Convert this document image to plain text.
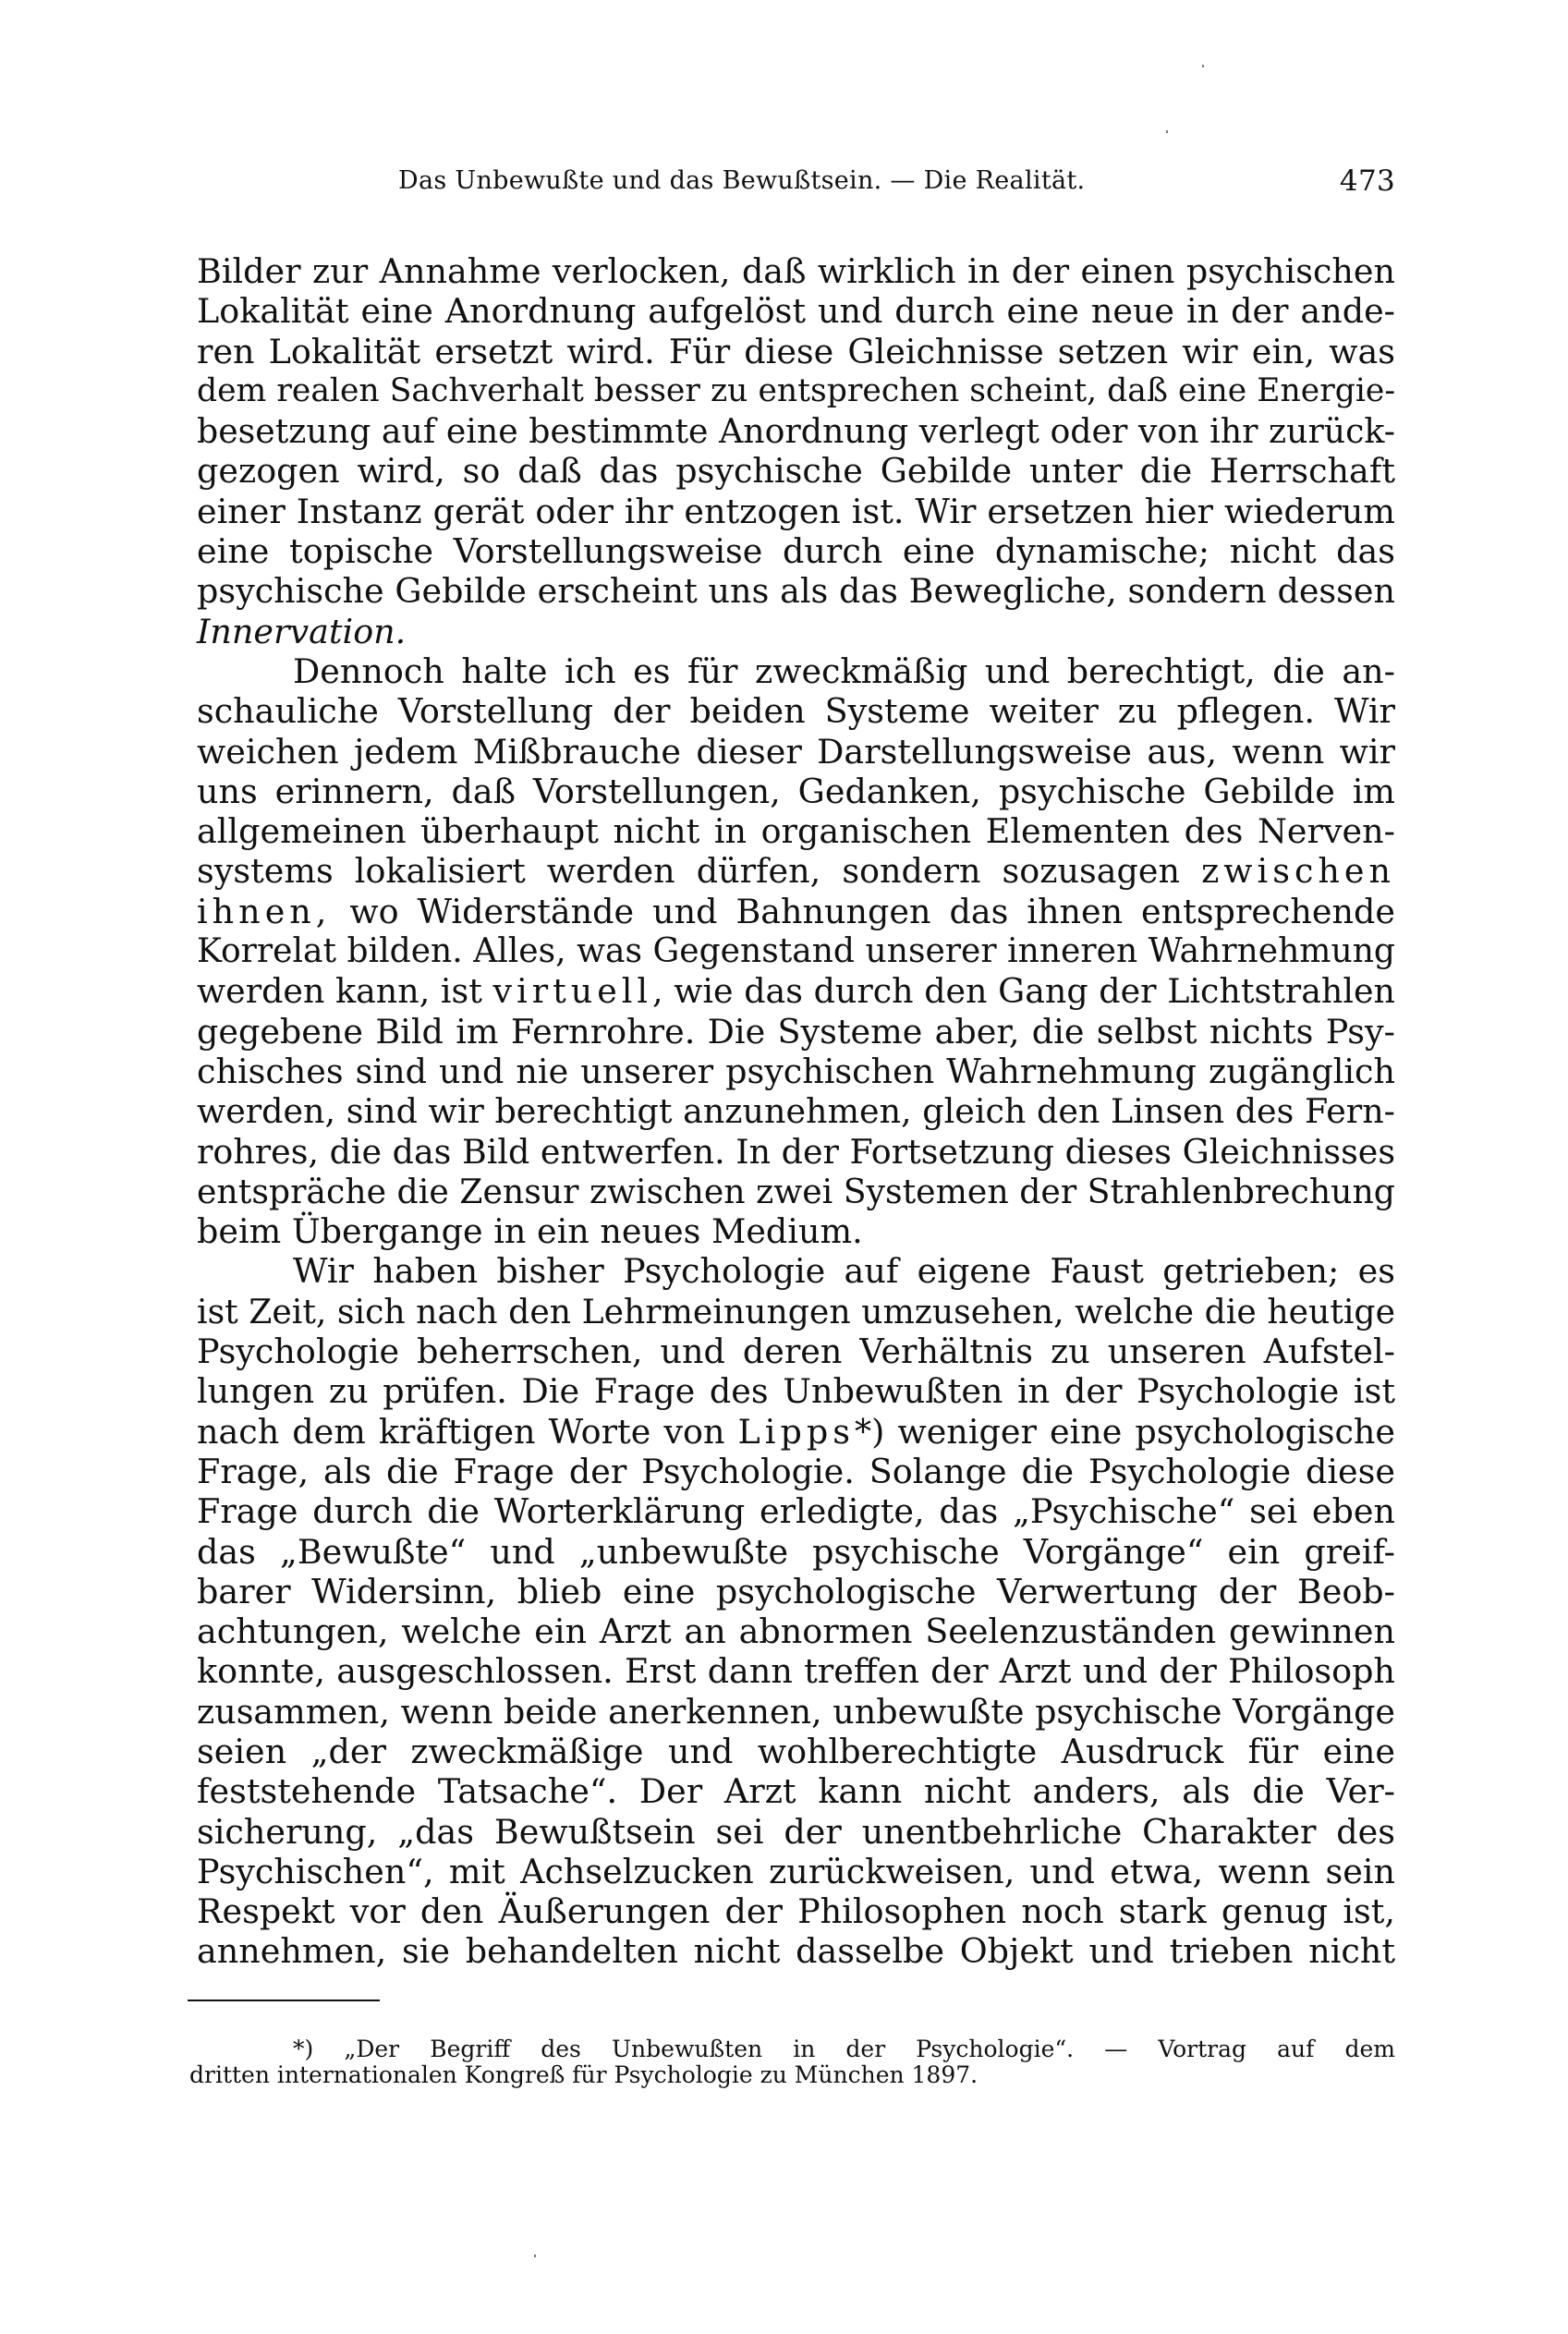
Das Unbewußte und das Bewußtsein. — Die Realität.	473
Bilder zur Annahme verlocken, daß wirklich in der einen psychischen
Lokalität eine Anordnung aufgelöst und durch eine neue in der ande-
ren Lokalität ersetzt wird. Für diese Gleichnisse setzen wir ein, was
dem realen Sachverhalt besser zu entsprechen scheint, daß eine Energie-
besetzung auf eine bestimmte Anordnung verlegt oder von ihr zurück-
gezogen wird, so daß das psychische Gebilde unter die Herrschaft
einer Instanz gerät oder ihr entzogen ist. Wir ersetzen hier wiederum
eine topische Vorstellungsweise durch eine dynamische; nicht das
psychische Gebilde erscheint uns als das Bewegliche, sondern dessen
Innervation.
Dennoch halte ich es für zweckmäßig und berechtigt, die an-
schauliche Vorstellung der beiden Systeme weiter zu pflegen. Wir
weichen jedem Mißbrauche dieser Darstellungsweise aus, wenn wir
uns erinnern, daß Vorstellungen, Gedanken, psychische Gebilde im
allgemeinen überhaupt nicht in organischen Elementen des Nerven-
systems lokalisiert werden dürfen, sondern sozusagen zwischen
ihnen, wo Widerstände und Bahnungen das ihnen entsprechende
Korrelat bilden. Alles, was Gegenstand unserer inneren Wahrnehmung
werden kann, ist virtuell, wie das durch den Gang der Lichtstrahlen
gegebene Bild im Fernrohre. Die Systeme aber, die selbst nichts Psy-
chisches sind und nie unserer psychischen Wahrnehmung zugänglich
werden, sind wir berechtigt anzunehmen, gleich den Linsen des Fern-
rohres, die das Bild entwerfen. In der Fortsetzung dieses Gleichnisses
entspräche die Zensur zwischen zwei Systemen der Strahlenbrechung
beim Übergange in ein neues Medium.
Wir haben bisher Psychologie auf eigene Faust getrieben; es
ist Zeit, sich nach den Lehrmeinungen umzusehen, welche die heutige
Psychologie beherrschen, und deren Verhältnis zu unseren Aufstel-
lungen zu prüfen. Die Frage des Unbewußten in der Psychologie ist
nach dem kräftigen Worte von Lipps*) weniger eine psychologische
Frage, als die Frage der Psychologie. Solange die Psychologie diese
Frage durch die Worterklärung erledigte, das „Psychische“ sei eben
das „Bewußte“ und „unbewußte psychische Vorgänge“ ein greif-
barer Widersinn, blieb eine psychologische Verwertung der Beob-
achtungen, welche ein Arzt an abnormen Seelenzuständen gewinnen
konnte, ausgeschlossen. Erst dann treffen der Arzt und der Philosoph
zusammen, wenn beide anerkennen, unbewußte psychische Vorgänge
seien „der zweckmäßige und wohlberechtigte Ausdruck für eine
feststehende Tatsache“. Der Arzt kann nicht anders, als die Ver-
sicherung, „das Bewußtsein sei der unentbehrliche Charakter des
Psychischen“, mit Achselzucken zurückweisen, und etwa, wenn sein
Respekt vor den Äußerungen der Philosophen noch stark genug ist,
annehmen, sie behandelten nicht dasselbe Objekt und trieben nicht
*) „Der Begriff des Unbewußten in der Psychologie“. — Vortrag auf dem
dritten internationalen Kongreß für Psychologie zu München 1897.
